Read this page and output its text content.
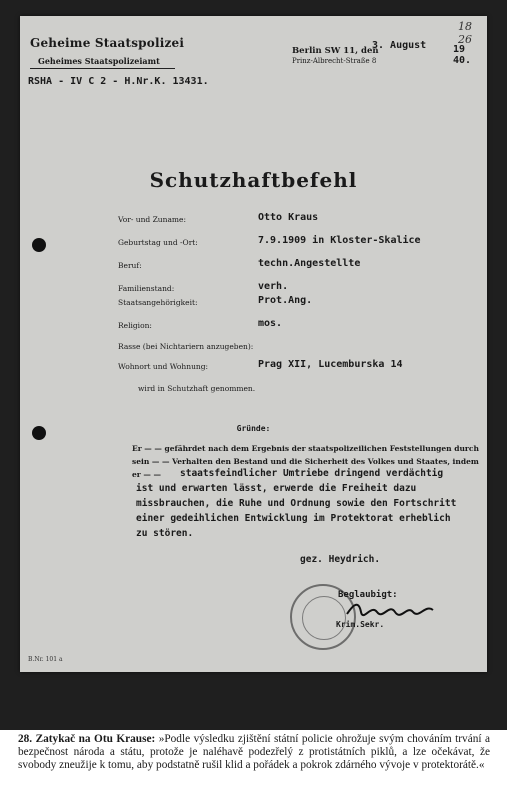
18 26
Geheime Staatspolizei
Geheimes Staatspolizeiamt
RSHA - IV C 2 - H.Nr.K. 13431.
Berlin SW 11, den
3. August	19 40.
Prinz-Albrecht-Straße 8
Schutzhaftbefehl
Vor- und Zuname:	Otto Kraus
Geburtstag und -Ort:	7.9.1909 in Kloster-Skalice
Beruf:	techn.Angestellte
Familienstand:	verh.
Staatsangehörigkeit:	Prot.Ang.
Religion:	mos.
Rasse (bei Nichtariern anzugeben):
Wohnort und Wohnung:	Prag XII, Lucemburska 14
wird in Schutzhaft genommen.
Gründe:
Er — — gefährdet nach dem Ergebnis der staatspolizeilichen Feststellungen durch
sein — — Verhalten den Bestand und die Sicherheit des Volkes und Staates, indem
er — — staatsfeindlicher Umtriebe dringend verdächtig
ist und erwarten lässt, erwerde die Freiheit dazu
missbrauchen, die Ruhe und Ordnung sowie den Fortschritt
einer gedeihlichen Entwicklung im Protektorat erheblich
zu stören.
gez. Heydrich.
Beglaubigt:
Krim.Sekr.
B.Nr. 101 a
28. Zatykač na Otu Krause: »Podle výsledku zjištění státní policie ohrožuje svým chováním trvání a bezpečnost národa a státu, protože je naléhavě podezřelý z protistátních piklů, a lze očekávat, že svobody zneužije k tomu, aby podstatně rušil klid a pořádek a pokrok zdárného vývoje v protektorátě.«
